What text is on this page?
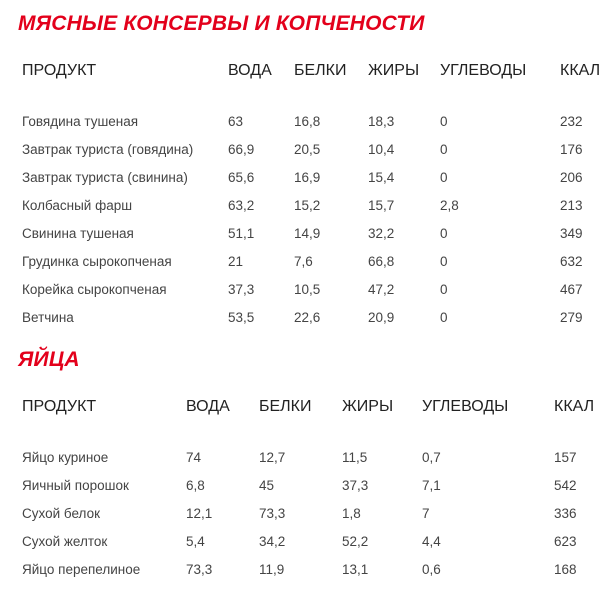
МЯСНЫЕ КОНСЕРВЫ И КОПЧЕНОСТИ
ПРОДУКТ	ВОДА	БЕЛКИ	ЖИРЫ	УГЛЕВОДЫ	ККАЛ

Говядина тушеная	63	16,8	18,3	0	232
Завтрак туриста (говядина)	66,9	20,5	10,4	0	176
Завтрак туриста (свинина)	65,6	16,9	15,4	0	206
Колбасный фарш	63,2	15,2	15,7	2,8	213
Свинина тушеная	51,1	14,9	32,2	0	349
Грудинка сырокопченая	21	7,6	66,8	0	632
Корейка сырокопченая	37,3	10,5	47,2	0	467
Ветчина	53,5	22,6	20,9	0	279
ЯЙЦА
ПРОДУКТ	ВОДА	БЕЛКИ	ЖИРЫ	УГЛЕВОДЫ	ККАЛ

Яйцо куриное	74	12,7	11,5	0,7	157
Яичный порошок	6,8	45	37,3	7,1	542
Сухой белок	12,1	73,3	1,8	7	336
Сухой желток	5,4	34,2	52,2	4,4	623
Яйцо перепелиное	73,3	11,9	13,1	0,6	168
